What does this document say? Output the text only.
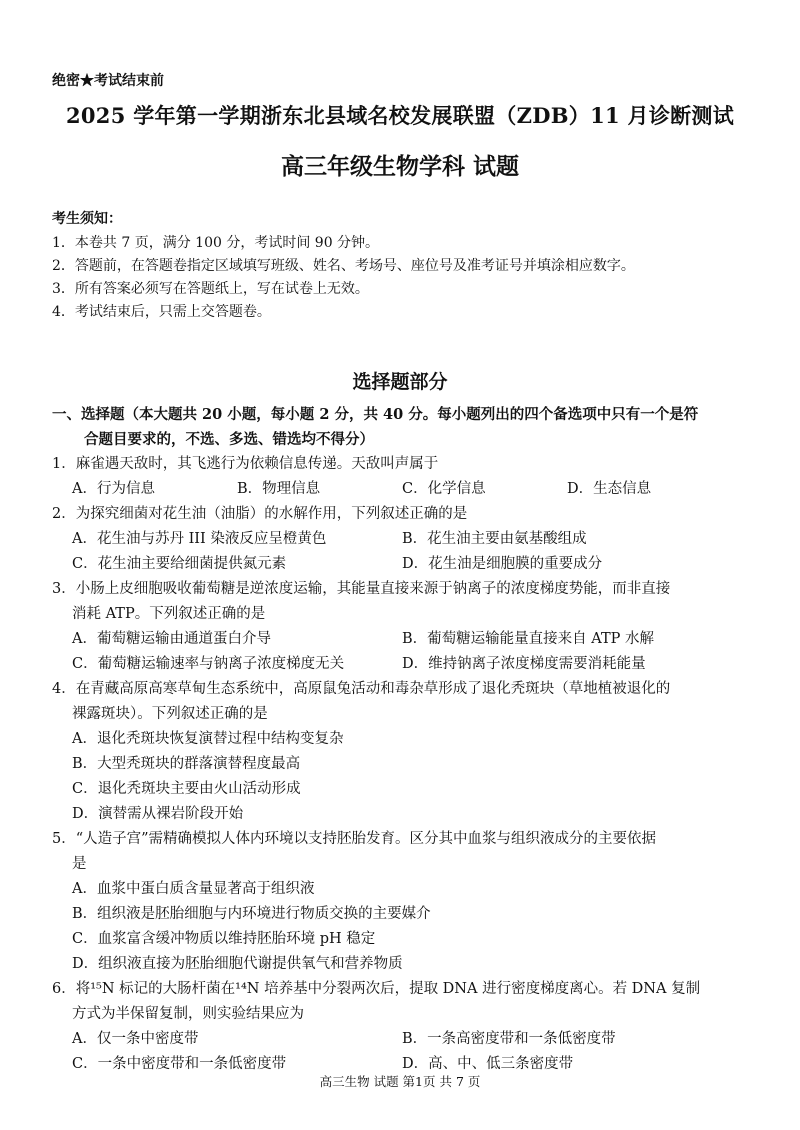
绝密★考试结束前
2025 学年第一学期浙东北县域名校发展联盟（ZDB）11 月诊断测试
高三年级生物学科 试题
考生须知：
1．本卷共 7 页，满分 100 分，考试时间 90 分钟。
2．答题前，在答题卷指定区域填写班级、姓名、考场号、座位号及准考证号并填涂相应数字。
3．所有答案必须写在答题纸上，写在试卷上无效。
4．考试结束后，只需上交答题卷。
选择题部分
一、选择题（本大题共 20 小题，每小题 2 分，共 40 分。每小题列出的四个备选项中只有一个是符
合题目要求的，不选、多选、错选均不得分）
1．麻雀遇天敌时，其飞逃行为依赖信息传递。天敌叫声属于
A．行为信息	B．物理信息	C．化学信息	D．生态信息
2．为探究细菌对花生油（油脂）的水解作用，下列叙述正确的是
A．花生油与苏丹 III 染液反应呈橙黄色	B．花生油主要由氨基酸组成
C．花生油主要给细菌提供氮元素	D．花生油是细胞膜的重要成分
3．小肠上皮细胞吸收葡萄糖是逆浓度运输，其能量直接来源于钠离子的浓度梯度势能，而非直接
消耗 ATP。下列叙述正确的是
A．葡萄糖运输由通道蛋白介导	B．葡萄糖运输能量直接来自 ATP 水解
C．葡萄糖运输速率与钠离子浓度梯度无关	D．维持钠离子浓度梯度需要消耗能量
4．在青藏高原高寒草甸生态系统中，高原鼠兔活动和毒杂草形成了退化秃斑块（草地植被退化的
裸露斑块）。下列叙述正确的是
A．退化秃斑块恢复演替过程中结构变复杂
B．大型秃斑块的群落演替程度最高
C．退化秃斑块主要由火山活动形成
D．演替需从裸岩阶段开始
5．“人造子宫”需精确模拟人体内环境以支持胚胎发育。区分其中血浆与组织液成分的主要依据
是
A．血浆中蛋白质含量显著高于组织液
B．组织液是胚胎细胞与内环境进行物质交换的主要媒介
C．血浆富含缓冲物质以维持胚胎环境 pH 稳定
D．组织液直接为胚胎细胞代谢提供氧气和营养物质
6．将¹⁵N 标记的大肠杆菌在¹⁴N 培养基中分裂两次后，提取 DNA 进行密度梯度离心。若 DNA 复制
方式为半保留复制，则实验结果应为
A．仅一条中密度带	B．一条高密度带和一条低密度带
C．一条中密度带和一条低密度带	D．高、中、低三条密度带
高三生物 试题 第1页 共 7 页
